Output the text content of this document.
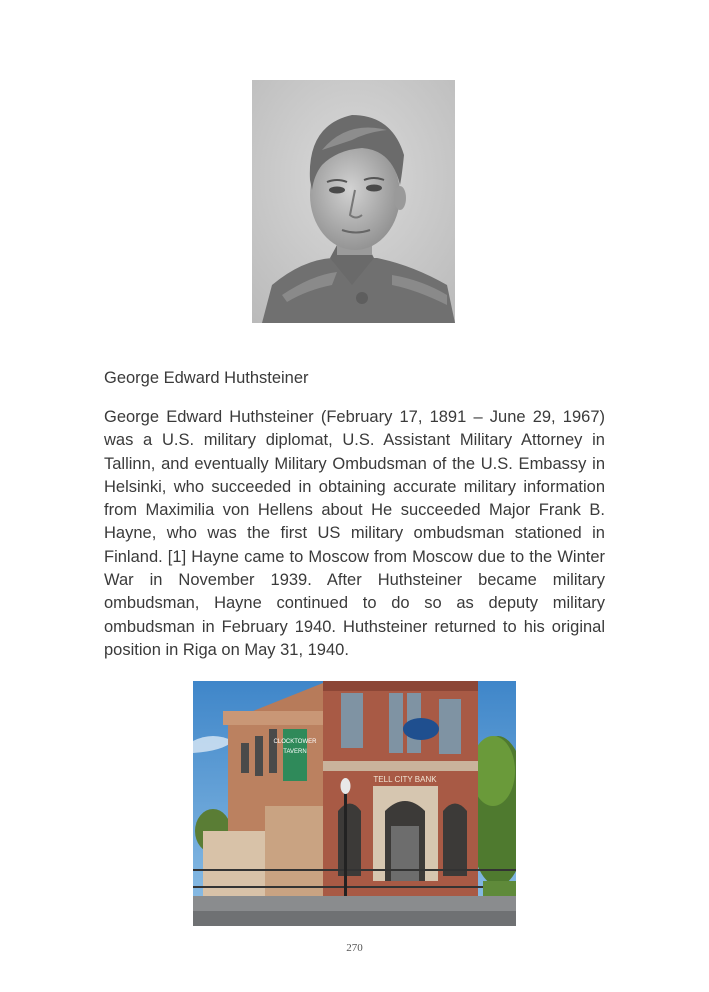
George Edward Huthsteiner

George Edward Huthsteiner (February 17, 1891 – June 29, 1967) was a U.S. military diplomat, U.S. Assistant Military Attorney in Tallinn, and eventually Military Ombudsman of the U.S. Embassy in Helsinki, who succeeded in obtaining accurate military information from Maximilia von Hellens about He succeeded Major Frank B. Hayne, who was the first US military ombudsman stationed in Finland. [1] Hayne came to Moscow from Moscow due to the Winter War in November 1939. After Huthsteiner became military ombudsman, Hayne continued to do so as deputy military ombudsman in February 1940. Huthsteiner returned to his original position in Riga on May 31, 1940.

CLOCKTOWER
TAVERN
TELL CITY BANK
270
